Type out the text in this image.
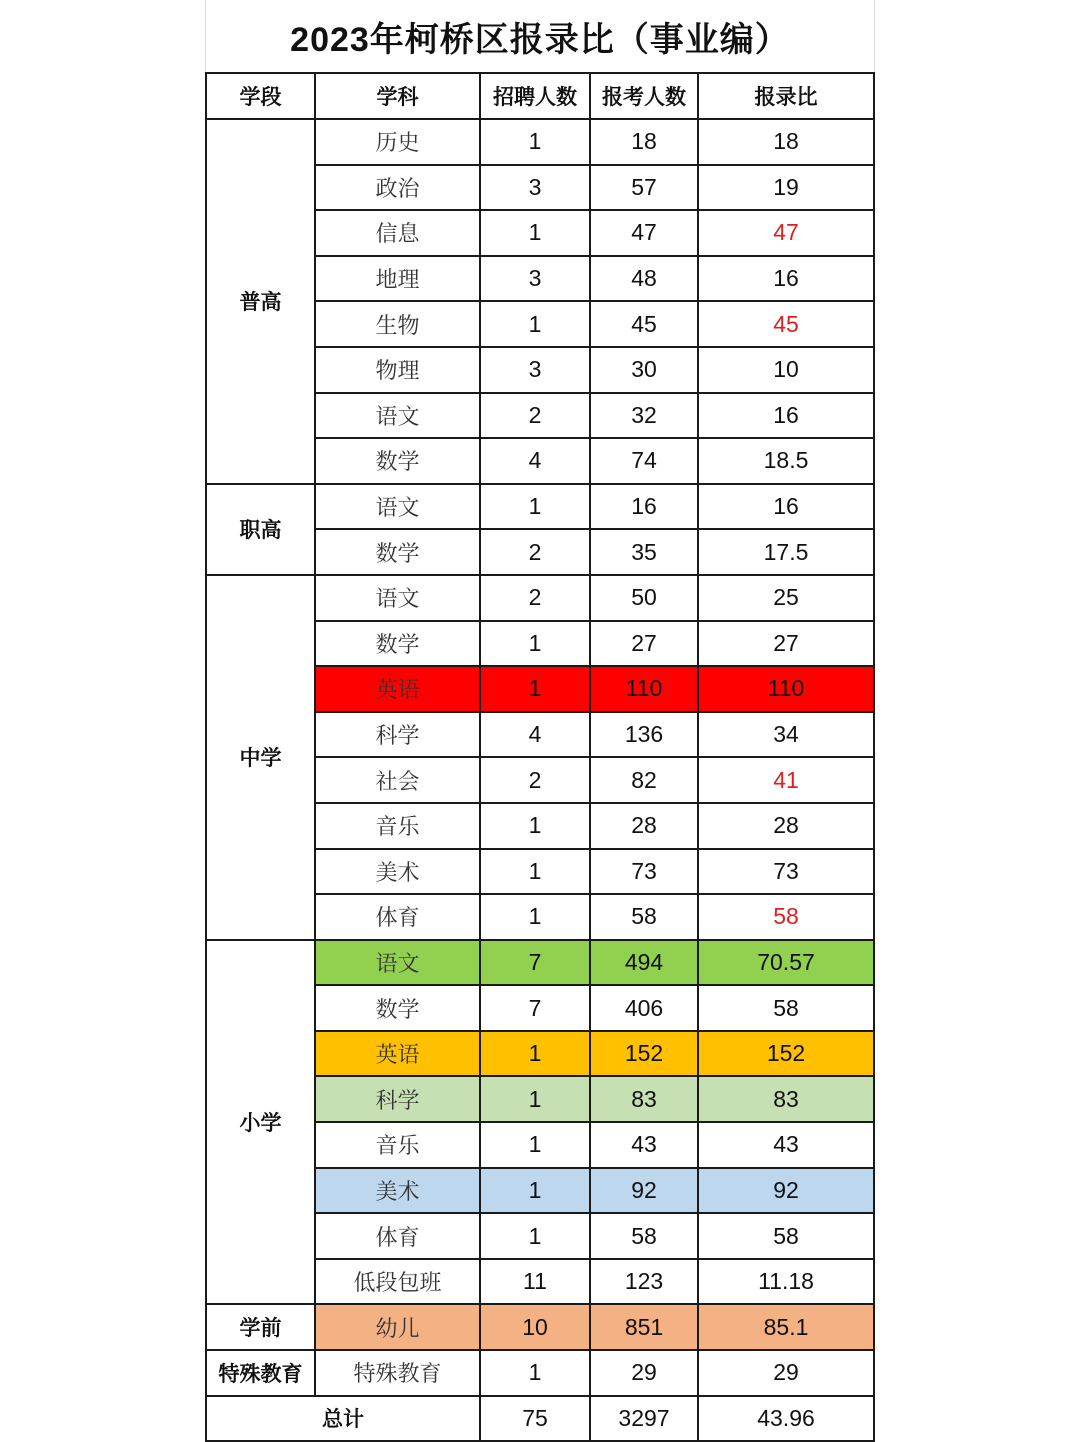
2023年柯桥区报录比（事业编）
学段	学科	招聘人数	报考人数	报录比
普高	历史	1	18	18
	政治	3	57	19
	信息	1	47	47
	地理	3	48	16
	生物	1	45	45
	物理	3	30	10
	语文	2	32	16
	数学	4	74	18.5
职高	语文	1	16	16
	数学	2	35	17.5
中学	语文	2	50	25
	数学	1	27	27
	英语	1	110	110
	科学	4	136	34
	社会	2	82	41
	音乐	1	28	28
	美术	1	73	73
	体育	1	58	58
小学	语文	7	494	70.57
	数学	7	406	58
	英语	1	152	152
	科学	1	83	83
	音乐	1	43	43
	美术	1	92	92
	体育	1	58	58
	低段包班	11	123	11.18
学前	幼儿	10	851	85.1
特殊教育	特殊教育	1	29	29
总计		75	3297	43.96
